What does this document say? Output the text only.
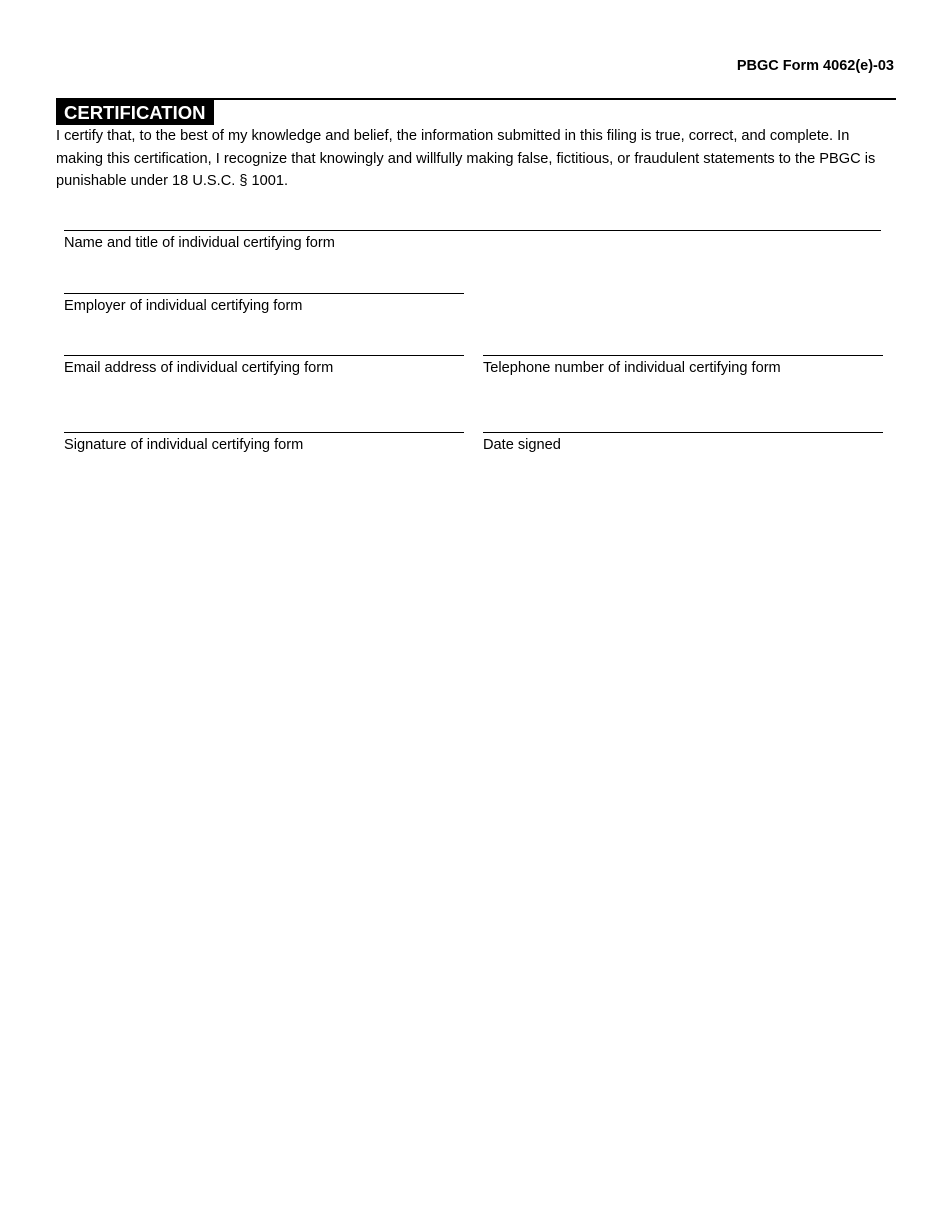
PBGC Form 4062(e)-03
CERTIFICATION

I certify that, to the best of my knowledge and belief, the information submitted in this filing is true, correct, and complete. In making this certification, I recognize that knowingly and willfully making false, fictitious, or fraudulent statements to the PBGC is punishable under 18 U.S.C. § 1001.

Name and title of individual certifying form
Employer of individual certifying form
Email address of individual certifying form	Telephone number of individual certifying form
Signature of individual certifying form	Date signed
